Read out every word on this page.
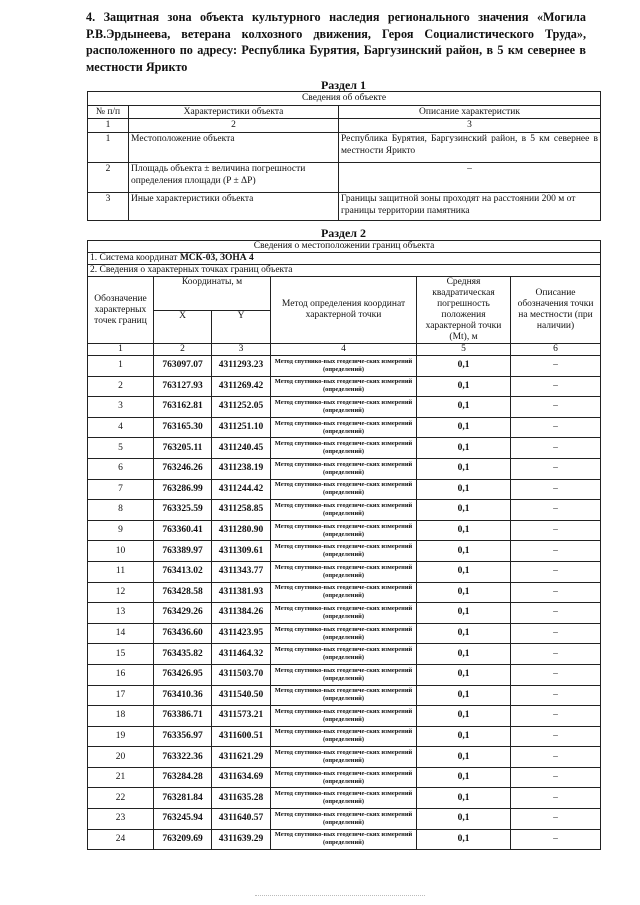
4. Защитная зона объекта культурного наследия регионального значения «Могила Р.В.Эрдынеева, ветерана колхозного движения, Героя Социалистического Труда», расположенного по адресу: Республика Бурятия, Баргузинский район, в 5 км севернее в местности Ярикто
Раздел 1
Сведения об объекте		
№ п/п	Характеристики объекта	Описание характеристик
1	2	3
1	Местоположение объекта	Республика Бурятия, Баргузинский район, в 5 км севернее в местности Ярикто
2	Площадь объекта ± величина погрешности определения площади (P ± ΔP)	–
3	Иные характеристики объекта	Границы защитной зоны проходят на расстоянии 200 м от границы территории памятника
Раздел 2
Сведения о местоположении границ объекта					
1. Система координат МСК-03, ЗОНА 4					
2. Сведения о характерных точках границ объекта					
Обозначение характерных точек границ	Координаты, м		Метод определения координат характерной точки	Средняя квадратическая погрешность положения характерной точки (Mt), м	Описание обозначения точки на местности (при наличии)
	X	Y			
1	2	3	4	5	6
1	763097.07	4311293.23	Метод спутнико-вых геодезиче-ских измерений (определений)	0,1	–
2	763127.93	4311269.42	Метод спутнико-вых геодезиче-ских измерений (определений)	0,1	–
3	763162.81	4311252.05	Метод спутнико-вых геодезиче-ских измерений (определений)	0,1	–
4	763165.30	4311251.10	Метод спутнико-вых геодезиче-ских измерений (определений)	0,1	–
5	763205.11	4311240.45	Метод спутнико-вых геодезиче-ских измерений (определений)	0,1	–
6	763246.26	4311238.19	Метод спутнико-вых геодезиче-ских измерений (определений)	0,1	–
7	763286.99	4311244.42	Метод спутнико-вых геодезиче-ских измерений (определений)	0,1	–
8	763325.59	4311258.85	Метод спутнико-вых геодезиче-ских измерений (определений)	0,1	–
9	763360.41	4311280.90	Метод спутнико-вых геодезиче-ских измерений (определений)	0,1	–
10	763389.97	4311309.61	Метод спутнико-вых геодезиче-ских измерений (определений)	0,1	–
11	763413.02	4311343.77	Метод спутнико-вых геодезиче-ских измерений (определений)	0,1	–
12	763428.58	4311381.93	Метод спутнико-вых геодезиче-ских измерений (определений)	0,1	–
13	763429.26	4311384.26	Метод спутнико-вых геодезиче-ских измерений (определений)	0,1	–
14	763436.60	4311423.95	Метод спутнико-вых геодезиче-ских измерений (определений)	0,1	–
15	763435.82	4311464.32	Метод спутнико-вых геодезиче-ских измерений (определений)	0,1	–
16	763426.95	4311503.70	Метод спутнико-вых геодезиче-ских измерений (определений)	0,1	–
17	763410.36	4311540.50	Метод спутнико-вых геодезиче-ских измерений (определений)	0,1	–
18	763386.71	4311573.21	Метод спутнико-вых геодезиче-ских измерений (определений)	0,1	–
19	763356.97	4311600.51	Метод спутнико-вых геодезиче-ских измерений (определений)	0,1	–
20	763322.36	4311621.29	Метод спутнико-вых геодезиче-ских измерений (определений)	0,1	–
21	763284.28	4311634.69	Метод спутнико-вых геодезиче-ских измерений (определений)	0,1	–
22	763281.84	4311635.28	Метод спутнико-вых геодезиче-ских измерений (определений)	0,1	–
23	763245.94	4311640.57	Метод спутнико-вых геодезиче-ских измерений (определений)	0,1	–
24	763209.69	4311639.29	Метод спутнико-вых геодезиче-ских измерений (определений)	0,1	–
